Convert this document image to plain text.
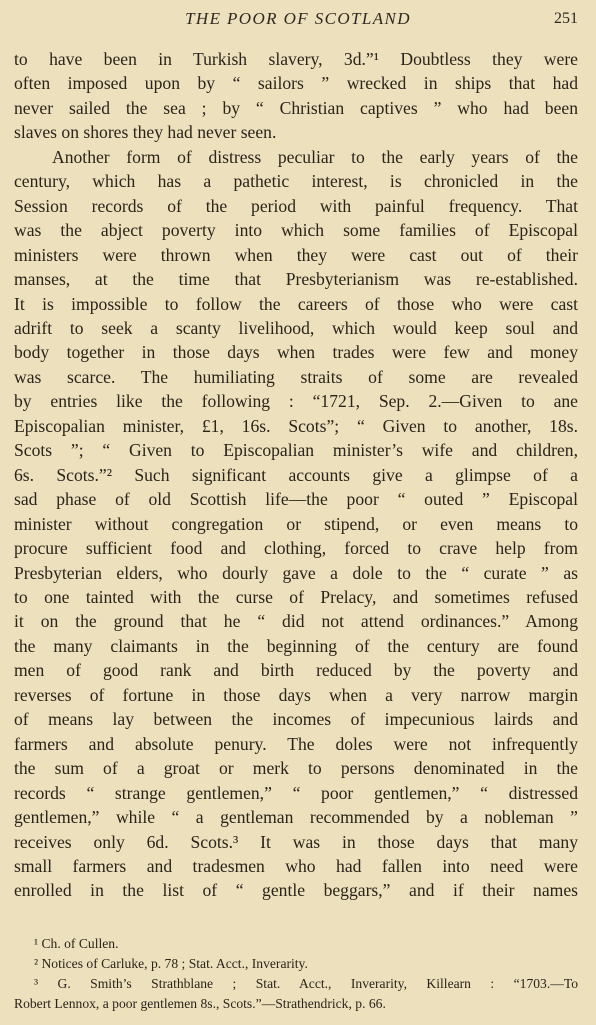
THE POOR OF SCOTLAND	251
to have been in Turkish slavery, 3d.”¹ Doubtless they were
often imposed upon by “ sailors ” wrecked in ships that had
never sailed the sea ; by “ Christian captives ” who had been
slaves on shores they had never seen.
Another form of distress peculiar to the early years of the
century, which has a pathetic interest, is chronicled in the
Session records of the period with painful frequency. That
was the abject poverty into which some families of Episcopal
ministers were thrown when they were cast out of their
manses, at the time that Presbyterianism was re-established.
It is impossible to follow the careers of those who were cast
adrift to seek a scanty livelihood, which would keep soul and
body together in those days when trades were few and money
was scarce. The humiliating straits of some are revealed
by entries like the following : “1721, Sep. 2.—Given to ane
Episcopalian minister, £1, 16s. Scots”; “ Given to another, 18s.
Scots ”; “ Given to Episcopalian minister’s wife and children,
6s. Scots.”² Such significant accounts give a glimpse of a
sad phase of old Scottish life—the poor “ outed ” Episcopal
minister without congregation or stipend, or even means to
procure sufficient food and clothing, forced to crave help from
Presbyterian elders, who dourly gave a dole to the “ curate ” as
to one tainted with the curse of Prelacy, and sometimes refused
it on the ground that he “ did not attend ordinances.” Among
the many claimants in the beginning of the century are found
men of good rank and birth reduced by the poverty and
reverses of fortune in those days when a very narrow margin
of means lay between the incomes of impecunious lairds and
farmers and absolute penury. The doles were not infrequently
the sum of a groat or merk to persons denominated in the
records “ strange gentlemen,” “ poor gentlemen,” “ distressed
gentlemen,” while “ a gentleman recommended by a nobleman ”
receives only 6d. Scots.³ It was in those days that many
small farmers and tradesmen who had fallen into need were
enrolled in the list of “ gentle beggars,” and if their names
¹ Ch. of Cullen.
² Notices of Carluke, p. 78 ; Stat. Acct., Inverarity.
³ G. Smith’s Strathblane ; Stat. Acct., Inverarity, Killearn : “1703.—To
Robert Lennox, a poor gentlemen 8s., Scots.”—Strathendrick, p. 66.
